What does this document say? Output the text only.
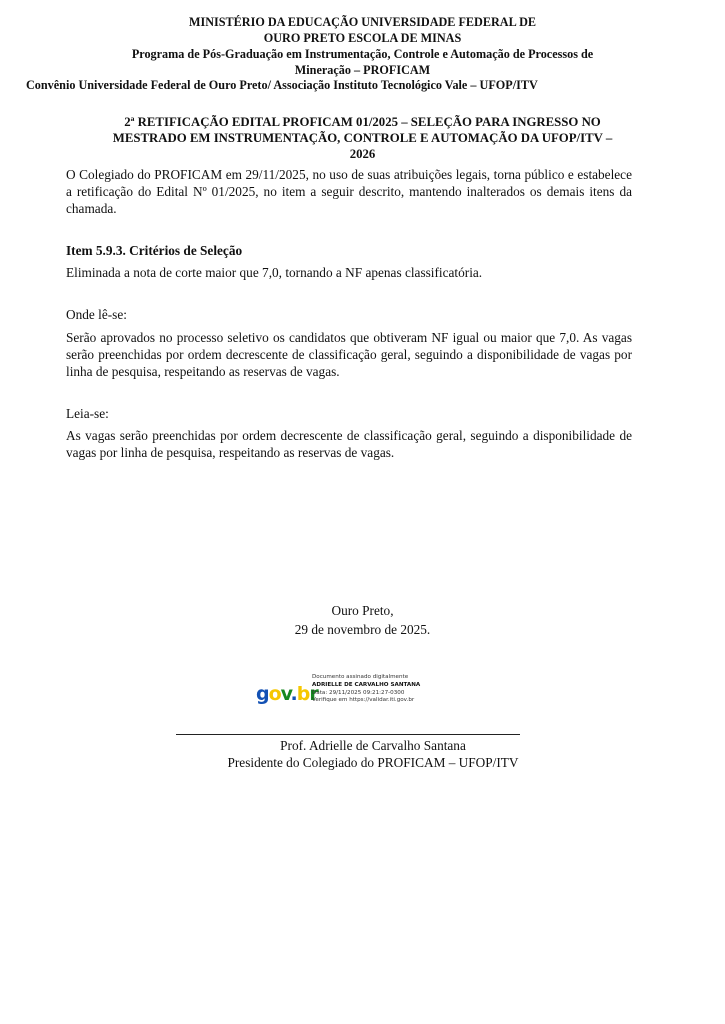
MINISTÉRIO DA EDUCAÇÃO UNIVERSIDADE FEDERAL DE
OURO PRETO ESCOLA DE MINAS
Programa de Pós-Graduação em Instrumentação, Controle e Automação de Processos de
Mineração – PROFICAM
Convênio Universidade Federal de Ouro Preto/ Associação Instituto Tecnológico Vale – UFOP/ITV
2ª RETIFICAÇÃO EDITAL PROFICAM 01/2025 – SELEÇÃO PARA INGRESSO NO
MESTRADO EM INSTRUMENTAÇÃO, CONTROLE E AUTOMAÇÃO DA UFOP/ITV –
2026
O Colegiado do PROFICAM em 29/11/2025, no uso de suas atribuições legais, torna público e estabelece a retificação do Edital Nº 01/2025, no item a seguir descrito, mantendo inalterados os demais itens da chamada.
Item 5.9.3. Critérios de Seleção
Eliminada a nota de corte maior que 7,0, tornando a NF apenas classificatória.
Onde lê-se:
Serão aprovados no processo seletivo os candidatos que obtiveram NF igual ou maior que 7,0. As vagas serão preenchidas por ordem decrescente de classificação geral, seguindo a disponibilidade de vagas por linha de pesquisa, respeitando as reservas de vagas.
Leia-se:
As vagas serão preenchidas por ordem decrescente de classificação geral, seguindo a disponibilidade de vagas por linha de pesquisa, respeitando as reservas de vagas.
Ouro Preto,
29 de novembro de 2025.
gov.br
Documento assinado digitalmente
ADRIELLE DE CARVALHO SANTANA
Data: 29/11/2025 09:21:27-0300
Verifique em https://validar.iti.gov.br
Prof. Adrielle de Carvalho Santana
Presidente do Colegiado do PROFICAM – UFOP/ITV
